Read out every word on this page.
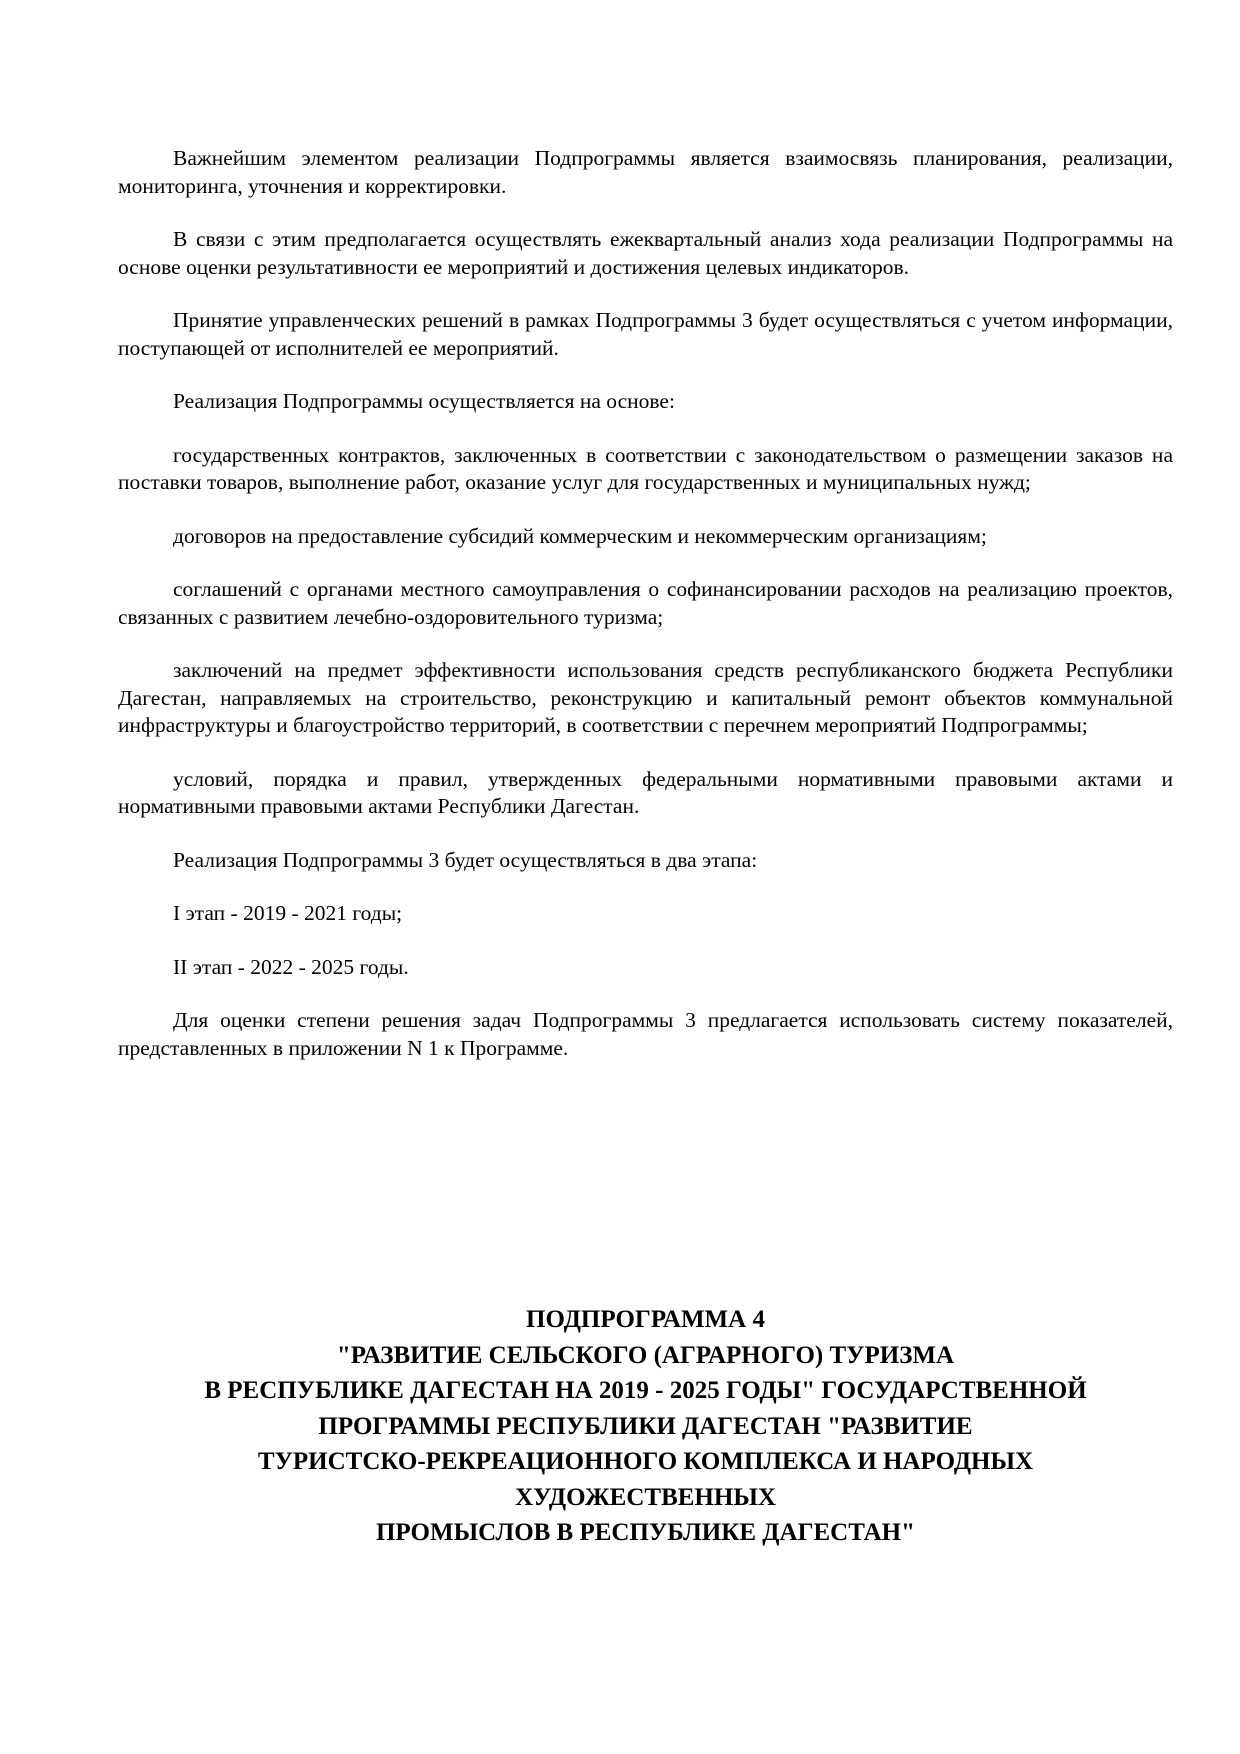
Важнейшим элементом реализации Подпрограммы является взаимосвязь планирования, реализации, мониторинга, уточнения и корректировки.

В связи с этим предполагается осуществлять ежеквартальный анализ хода реализации Подпрограммы на основе оценки результативности ее мероприятий и достижения целевых индикаторов.

Принятие управленческих решений в рамках Подпрограммы 3 будет осуществляться с учетом информации, поступающей от исполнителей ее мероприятий.

Реализация Подпрограммы осуществляется на основе:

государственных контрактов, заключенных в соответствии с законодательством о размещении заказов на поставки товаров, выполнение работ, оказание услуг для государственных и муниципальных нужд;

договоров на предоставление субсидий коммерческим и некоммерческим организациям;

соглашений с органами местного самоуправления о софинансировании расходов на реализацию проектов, связанных с развитием лечебно-оздоровительного туризма;

заключений на предмет эффективности использования средств республиканского бюджета Республики Дагестан, направляемых на строительство, реконструкцию и капитальный ремонт объектов коммунальной инфраструктуры и благоустройство территорий, в соответствии с перечнем мероприятий Подпрограммы;

условий, порядка и правил, утвержденных федеральными нормативными правовыми актами и нормативными правовыми актами Республики Дагестан.

Реализация Подпрограммы 3 будет осуществляться в два этапа:

I этап - 2019 - 2021 годы;

II этап - 2022 - 2025 годы.

Для оценки степени решения задач Подпрограммы 3 предлагается использовать систему показателей, представленных в приложении N 1 к Программе.

ПОДПРОГРАММА 4
"РАЗВИТИЕ СЕЛЬСКОГО (АГРАРНОГО) ТУРИЗМА
В РЕСПУБЛИКЕ ДАГЕСТАН НА 2019 - 2025 ГОДЫ" ГОСУДАРСТВЕННОЙ
ПРОГРАММЫ РЕСПУБЛИКИ ДАГЕСТАН "РАЗВИТИЕ
ТУРИСТСКО-РЕКРЕАЦИОННОГО КОМПЛЕКСА И НАРОДНЫХ
ХУДОЖЕСТВЕННЫХ
ПРОМЫСЛОВ В РЕСПУБЛИКЕ ДАГЕСТАН"
